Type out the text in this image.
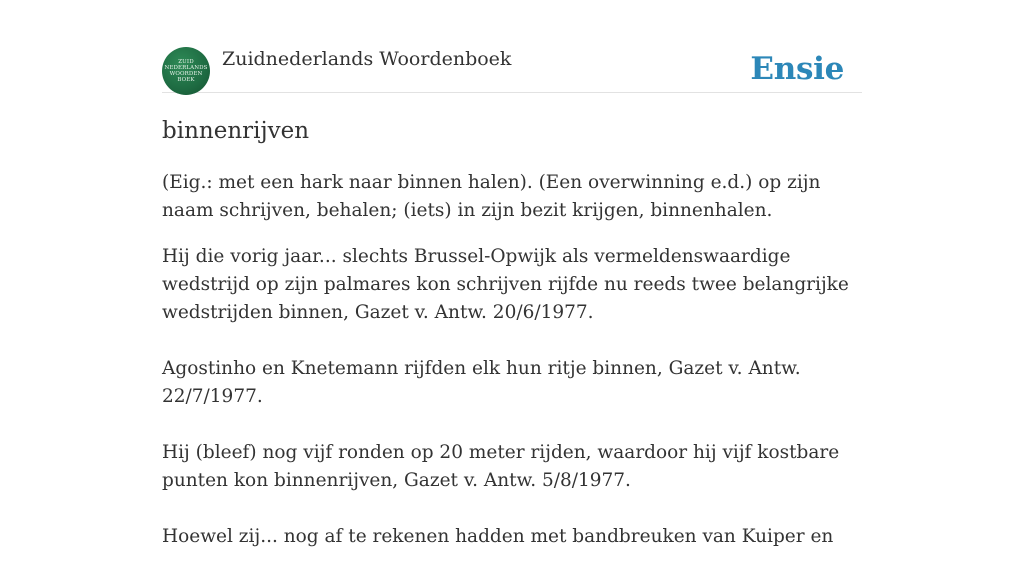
ZUID
NEDERLANDS
WOORDEN
BOEK
Zuidnederlands Woordenboek	Ensie
binnenrijven
(Eig.: met een hark naar binnen halen). (Een overwinning e.d.) op zijn naam schrijven, behalen; (iets) in zijn bezit krijgen, binnenhalen.

Hij die vorig jaar... slechts Brussel-Opwijk als vermeldenswaardige wedstrijd op zijn palmares kon schrijven rijfde nu reeds twee belangrijke wedstrijden binnen, Gazet v. Antw. 20/6/1977.

Agostinho en Knetemann rijfden elk hun ritje binnen, Gazet v. Antw. 22/7/1977.

Hij (bleef) nog vijf ronden op 20 meter rijden, waardoor hij vijf kostbare punten kon binnenrijven, Gazet v. Antw. 5/8/1977.

Hoewel zij... nog af te rekenen hadden met bandbreuken van Kuiper en
